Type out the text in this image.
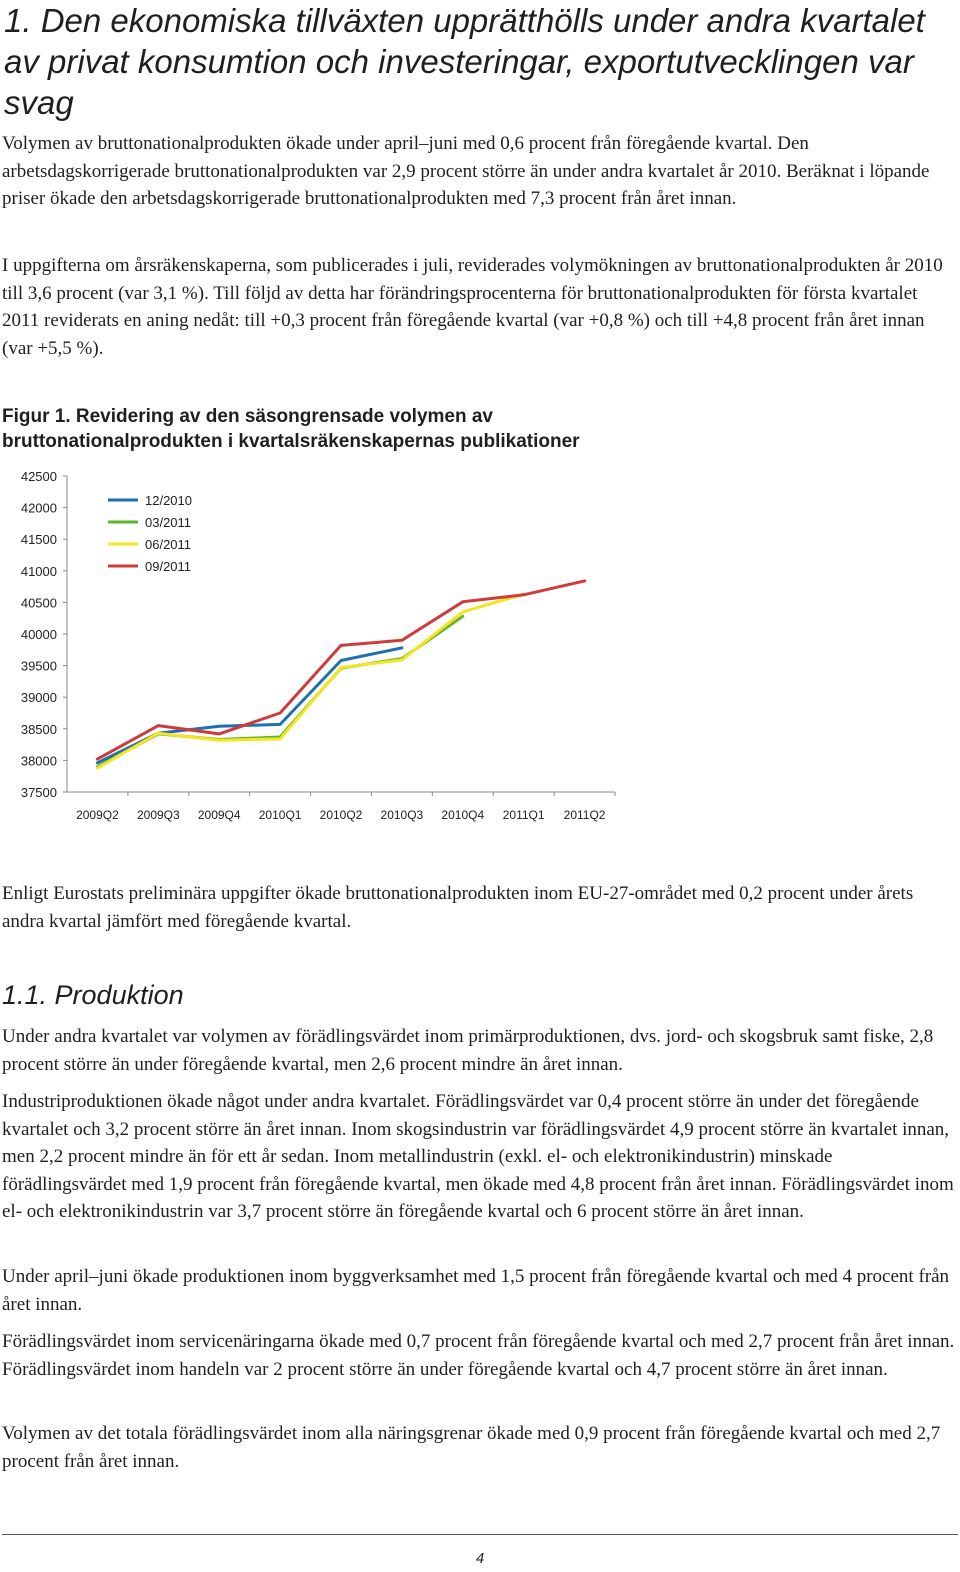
1. Den ekonomiska tillväxten upprätthölls under andra kvartalet av privat konsumtion och investeringar, exportutvecklingen var svag

Volymen av bruttonationalprodukten ökade under april–juni med 0,6 procent från föregående kvartal. Den arbetsdagskorrigerade bruttonationalprodukten var 2,9 procent större än under andra kvartalet år 2010. Beräknat i löpande priser ökade den arbetsdagskorrigerade bruttonationalprodukten med 7,3 procent från året innan.

I uppgifterna om årsräkenskaperna, som publicerades i juli, reviderades volymökningen av bruttonationalprodukten år 2010 till 3,6 procent (var 3,1 %). Till följd av detta har förändringsprocenterna för bruttonationalprodukten för första kvartalet 2011 reviderats en aning nedåt: till +0,3 procent från föregående kvartal (var +0,8 %) och till +4,8 procent från året innan (var +5,5 %).

Figur 1. Revidering av den säsongrensade volymen av
bruttonationalprodukten i kvartalsräkenskapernas publikationer
37500
38000
38500
39000
39500
40000
40500
41000
41500
42000
42500
2009Q2 2009Q3 2009Q4 2010Q1 2010Q2 2010Q3 2010Q4 2011Q1 2011Q2
12/2010
03/2011
06/2011
09/2011

Enligt Eurostats preliminära uppgifter ökade bruttonationalprodukten inom EU-27-området med 0,2 procent under årets andra kvartal jämfört med föregående kvartal.

1.1. Produktion

Under andra kvartalet var volymen av förädlingsvärdet inom primärproduktionen, dvs. jord- och skogsbruk samt fiske, 2,8 procent större än under föregående kvartal, men 2,6 procent mindre än året innan.

Industriproduktionen ökade något under andra kvartalet. Förädlingsvärdet var 0,4 procent större än under det föregående kvartalet och 3,2 procent större än året innan. Inom skogsindustrin var förädlingsvärdet 4,9 procent större än kvartalet innan, men 2,2 procent mindre än för ett år sedan. Inom metallindustrin (exkl. el- och elektronikindustrin) minskade förädlingsvärdet med 1,9 procent från föregående kvartal, men ökade med 4,8 procent från året innan. Förädlingsvärdet inom el- och elektronikindustrin var 3,7 procent större än föregående kvartal och 6 procent större än året innan.

Under april–juni ökade produktionen inom byggverksamhet med 1,5 procent från föregående kvartal och med 4 procent från året innan.

Förädlingsvärdet inom servicenäringarna ökade med 0,7 procent från föregående kvartal och med 2,7 procent från året innan. Förädlingsvärdet inom handeln var 2 procent större än under föregående kvartal och 4,7 procent större än året innan.

Volymen av det totala förädlingsvärdet inom alla näringsgrenar ökade med 0,9 procent från föregående kvartal och med 2,7 procent från året innan.

4
